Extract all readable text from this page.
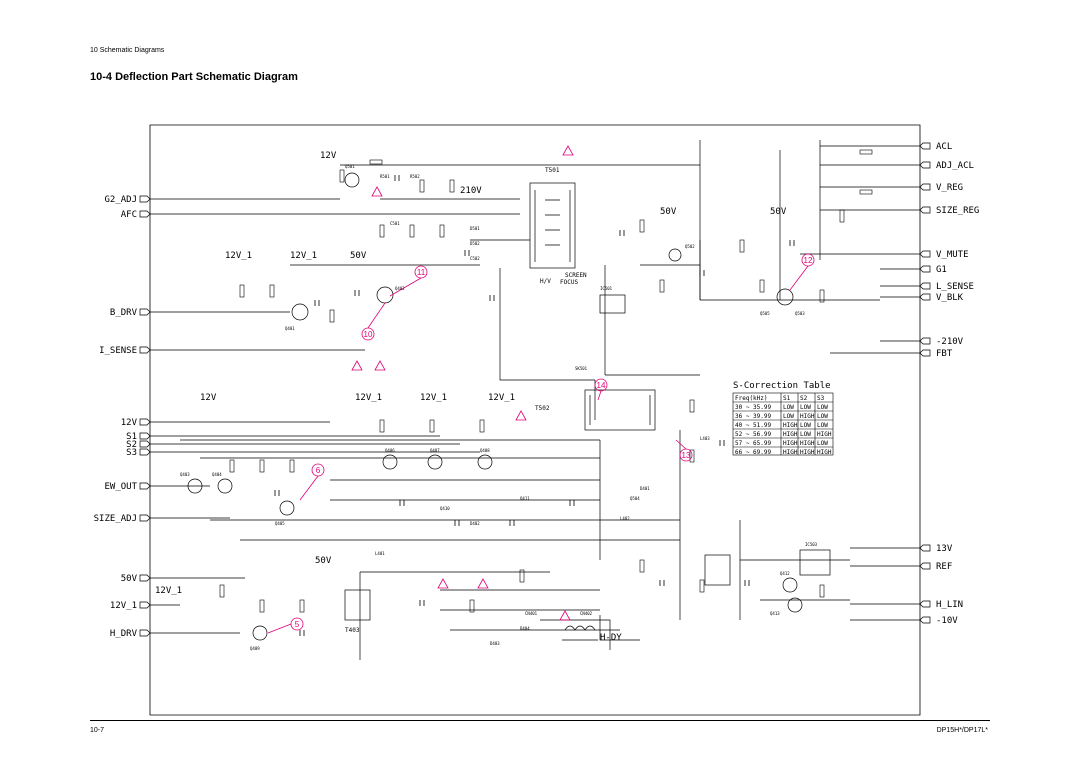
10 Schematic Diagrams
10-4 Deflection Part Schematic Diagram
11
10
12
14
13
6
5
G2_ADJ
AFC
B_DRV
I_SENSE
12V
S1
S2
S3
EW_OUT
SIZE_ADJ
50V
12V_1
H_DRV
ACL
ADJ_ACL
V_REG
SIZE_REG
V_MUTE
G1
L_SENSE
V_BLK
-210V
FBT
13V
REF
H_LIN
-10V
12V
210V
50V	50V
12V_1	12V_1	50V
12V	12V_1	12V_1
50V
12V_1
12V_1
H-DY
SCREEN
H/V FOCUS
T501
T502
T403
Q501
Q401
Q402
Q403	Q404
Q405
Q406	Q407	Q408
Q409
Q410
Q411
Q412
Q413
Q502
Q503
Q504
Q505
IC503
IC501
D501
D502
R501	R502
C501
C502
L401
L402
L403
D401
D402
D403
D404
SK501
CN401	CN402
S-Correction Table
Freq(kHz)	S1 S2 S3
30 ~ 35.99 LOW LOW LOW
36 ~ 39.99 LOW HIGH LOW
40 ~ 51.99 HIGH LOW LOW
52 ~ 56.99 HIGH LOW HIGH
57 ~ 65.99 HIGH HIGH LOW
66 ~ 69.99 HIGH HIGH HIGH
10-7	DP15H*/DP17L*
